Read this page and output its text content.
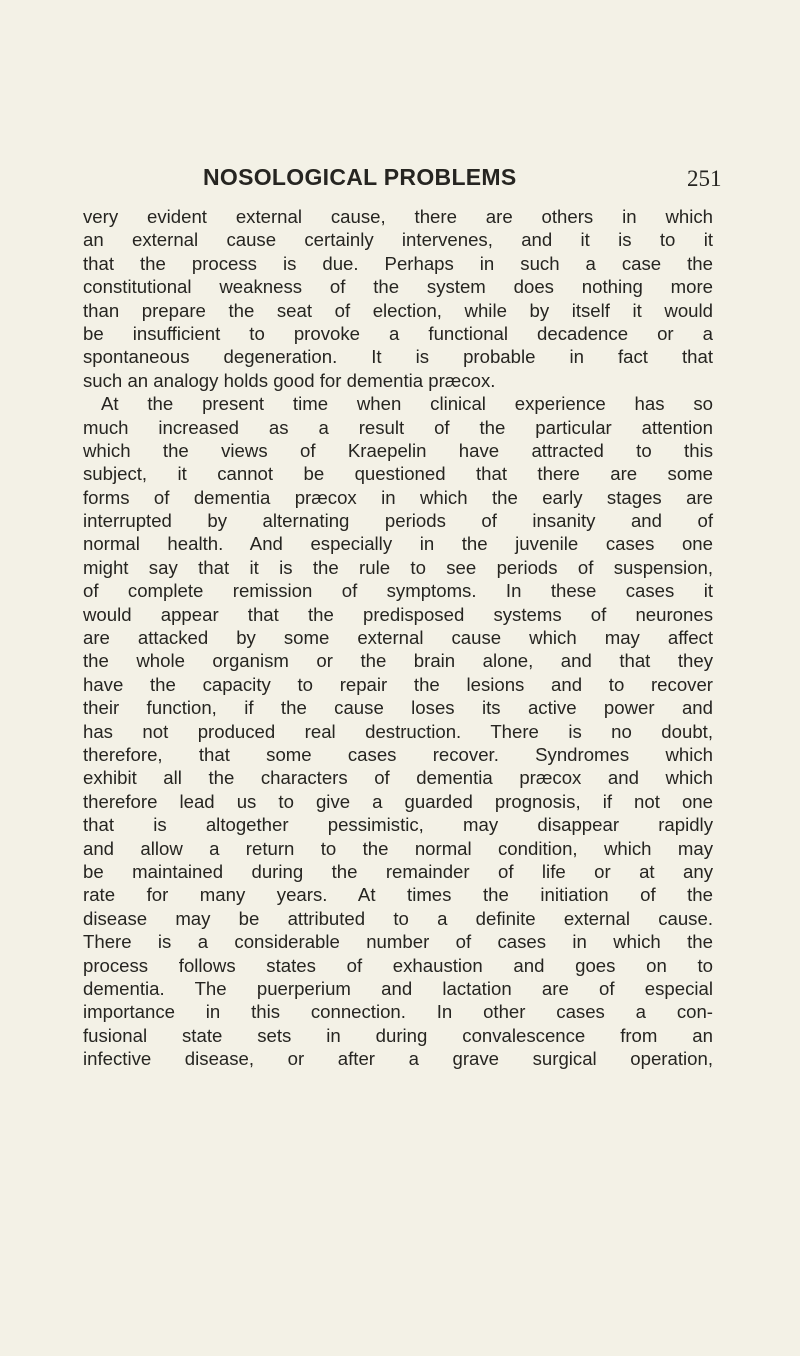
NOSOLOGICAL PROBLEMS	251
very evident external cause, there are others in which
an external cause certainly intervenes, and it is to it
that the process is due. Perhaps in such a case the
constitutional weakness of the system does nothing more
than prepare the seat of election, while by itself it would
be insufficient to provoke a functional decadence or a
spontaneous degeneration. It is probable in fact that
such an analogy holds good for dementia præcox.
At the present time when clinical experience has so
much increased as a result of the particular attention
which the views of Kraepelin have attracted to this
subject, it cannot be questioned that there are some
forms of dementia præcox in which the early stages are
interrupted by alternating periods of insanity and of
normal health. And especially in the juvenile cases one
might say that it is the rule to see periods of suspension,
of complete remission of symptoms. In these cases it
would appear that the predisposed systems of neurones
are attacked by some external cause which may affect
the whole organism or the brain alone, and that they
have the capacity to repair the lesions and to recover
their function, if the cause loses its active power and
has not produced real destruction. There is no doubt,
therefore, that some cases recover. Syndromes which
exhibit all the characters of dementia præcox and which
therefore lead us to give a guarded prognosis, if not one
that is altogether pessimistic, may disappear rapidly
and allow a return to the normal condition, which may
be maintained during the remainder of life or at any
rate for many years. At times the initiation of the
disease may be attributed to a definite external cause.
There is a considerable number of cases in which the
process follows states of exhaustion and goes on to
dementia. The puerperium and lactation are of especial
importance in this connection. In other cases a con-
fusional state sets in during convalescence from an
infective disease, or after a grave surgical operation,
